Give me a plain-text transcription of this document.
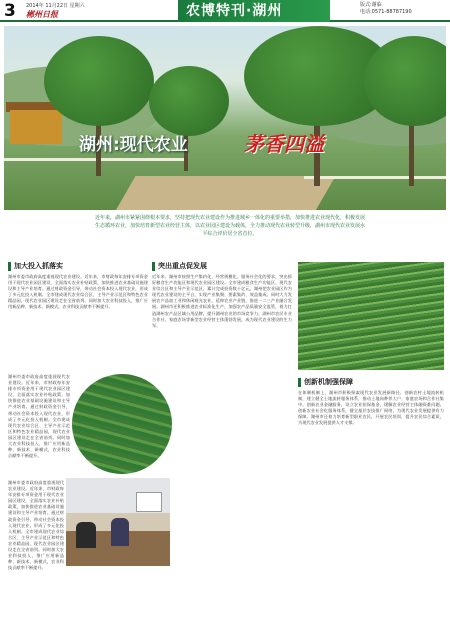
3 2014年 11月22日 星期六
郴州日报	农博特刊·湖州	版式:谢临
电话:0571-88787190
湖州:现代农业	茅香四溢
近年来，湖州市紧紧围绕根本要求，坚持把现代农业建设作为推进城乡一体化的重要举措，加快推进农业现代化，积极发展生态循环农业，加快培育新型农业经营主体，以农业园区建设为载体，全力推动现代农业转型升级，湖州市现代农业发展水平综合评价居全省首位。
加大投入抓落实
湖州市委市政府高度重视现代农业建设。近年来，市财政每年安排专项资金用于现代农业园区建设，全面落实农业补贴政策，加快推进农业基础设施建设和主导产业培育。通过财政资金引导，带动社会资本投入现代农业，形成了多元化投入机制。全市建成现代农业综合区、主导产业示范区和特色农业精品园，现代农业园区建设走在全省前列。同时加大农业科技投入，推广应用新品种、新技术、新模式，农业科技贡献率不断提升。
湖州市委市政府高度重视现代农业建设。近年来，市财政每年安排专项资金用于现代农业园区建设，全面落实农业补贴政策，加快推进农业基础设施建设和主导产业培育。通过财政资金引导，带动社会资本投入现代农业，形成了多元化投入机制。全市建成现代农业综合区、主导产业示范区和特色农业精品园，现代农业园区建设走在全省前列。同时加大农业科技投入，推广应用新品种、新技术、新模式，农业科技贡献率不断提升。
湖州市委市政府高度重视现代农业建设。近年来，市财政每年安排专项资金用于现代农业园区建设，全面落实农业补贴政策，加快推进农业基础设施建设和主导产业培育。通过财政资金引导，带动社会资本投入现代农业，形成了多元化投入机制。全市建成现代农业综合区、主导产业示范区和特色农业精品园，现代农业园区建设走在全省前列。同时加大农业科技投入，推广应用新品种、新技术、新模式，农业科技贡献率不断提升。
突出重点促发展
近年来，湖州市按照生产集约化、经营规模化、服务社会化的要求，突出抓好粮食生产功能区和现代农业园区建设。全市建成粮食生产功能区、现代农业综合区和主导产业示范区，累计完成投资数十亿元。湖州把农业园区作为现代农业建设的主平台，实现产业集聚、要素集约、效益集成。同时大力发展农产品加工业和休闲观光农业，延伸农业产业链，推进一二三产业融合发展。湖州市还积极推进农业标准化生产，加强农产品质量安全监管，着力打造湖州农产品区域公用品牌，提升湖州农业的市场竞争力。湖州市农民专业合作社、家庭农场等新型农业经营主体蓬勃发展，成为现代农业建设的生力军。
创新机制强保障
在体制机制上，湖州市积极探索现代农业发展新路径。创新农村土地流转机制，建立健全土地流转服务体系，推动土地向种养大户、家庭农场和合作社集中。创新农业金融服务，设立农业担保基金，缓解农业经营主体融资难问题。创新农业社会化服务体系，健全基层农技推广网络，为现代农业发展提供有力保障。湖州市还着力培育新型职业农民，开展农民培训，提升农民综合素质，为现代农业发展提供人才支撑。
